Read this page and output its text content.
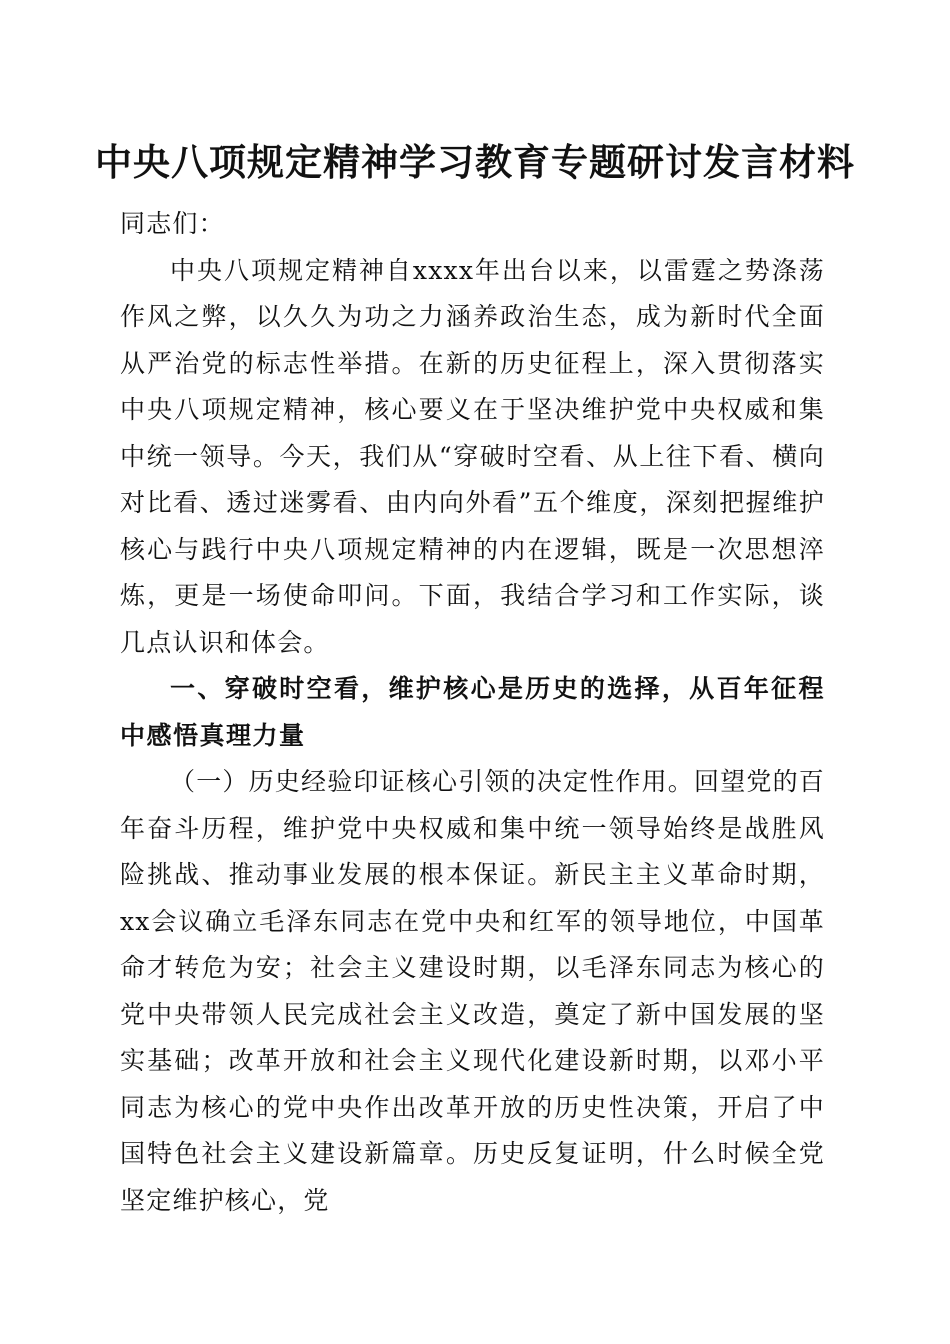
中央八项规定精神学习教育专题研讨发言材料

同志们：

中央八项规定精神自xxxx年出台以来，以雷霆之势涤荡作风之弊，以久久为功之力涵养政治生态，成为新时代全面从严治党的标志性举措。在新的历史征程上，深入贯彻落实中央八项规定精神，核心要义在于坚决维护党中央权威和集中统一领导。今天，我们从“穿破时空看、从上往下看、横向对比看、透过迷雾看、由内向外看”五个维度，深刻把握维护核心与践行中央八项规定精神的内在逻辑，既是一次思想淬炼，更是一场使命叩问。下面，我结合学习和工作实际，谈几点认识和体会。

一、穿破时空看，维护核心是历史的选择，从百年征程中感悟真理力量

（一）历史经验印证核心引领的决定性作用。回望党的百年奋斗历程，维护党中央权威和集中统一领导始终是战胜风险挑战、推动事业发展的根本保证。新民主主义革命时期，xx会议确立毛泽东同志在党中央和红军的领导地位，中国革命才转危为安；社会主义建设时期，以毛泽东同志为核心的党中央带领人民完成社会主义改造，奠定了新中国发展的坚实基础；改革开放和社会主义现代化建设新时期，以邓小平同志为核心的党中央作出改革开放的历史性决策，开启了中国特色社会主义建设新篇章。历史反复证明，什么时候全党坚定维护核心，党
